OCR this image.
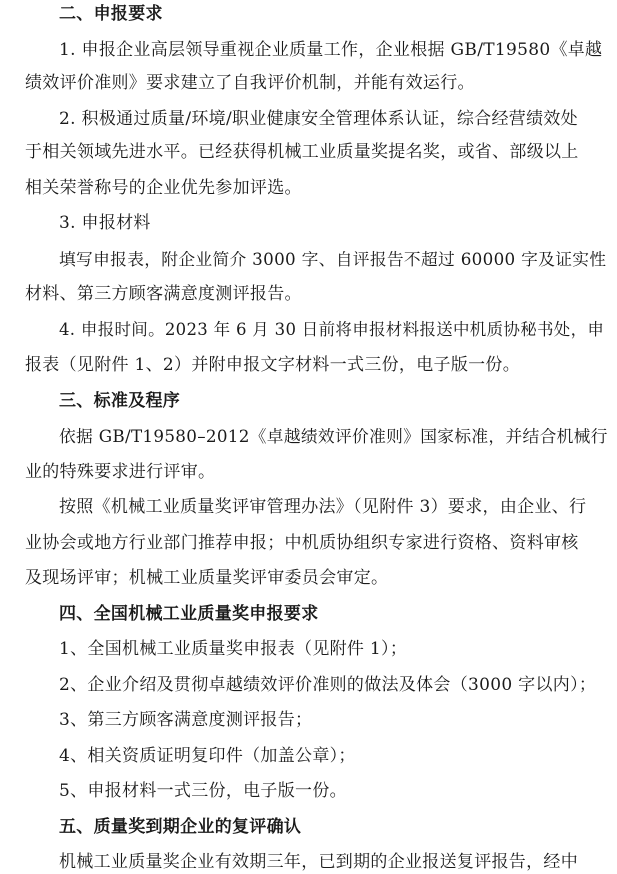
二、申报要求
1. 申报企业高层领导重视企业质量工作，企业根据 GB/T19580《卓越
绩效评价准则》要求建立了自我评价机制，并能有效运行。
2. 积极通过质量/环境/职业健康安全管理体系认证，综合经营绩效处
于相关领域先进水平。已经获得机械工业质量奖提名奖，或省、部级以上
相关荣誉称号的企业优先参加评选。
3. 申报材料
填写申报表，附企业简介 3000 字、自评报告不超过 60000 字及证实性
材料、第三方顾客满意度测评报告。
4. 申报时间。2023 年 6 月 30 日前将申报材料报送中机质协秘书处，申
报表（见附件 1、2）并附申报文字材料一式三份，电子版一份。
三、标准及程序
依据 GB/T19580–2012《卓越绩效评价准则》国家标准，并结合机械行
业的特殊要求进行评审。
按照《机械工业质量奖评审管理办法》（见附件 3）要求，由企业、行
业协会或地方行业部门推荐申报；中机质协组织专家进行资格、资料审核
及现场评审；机械工业质量奖评审委员会审定。
四、全国机械工业质量奖申报要求
1、全国机械工业质量奖申报表（见附件 1）；
2、企业介绍及贯彻卓越绩效评价准则的做法及体会（3000 字以内）；
3、第三方顾客满意度测评报告；
4、相关资质证明复印件（加盖公章）；
5、申报材料一式三份，电子版一份。
五、质量奖到期企业的复评确认
机械工业质量奖企业有效期三年，已到期的企业报送复评报告，经中
